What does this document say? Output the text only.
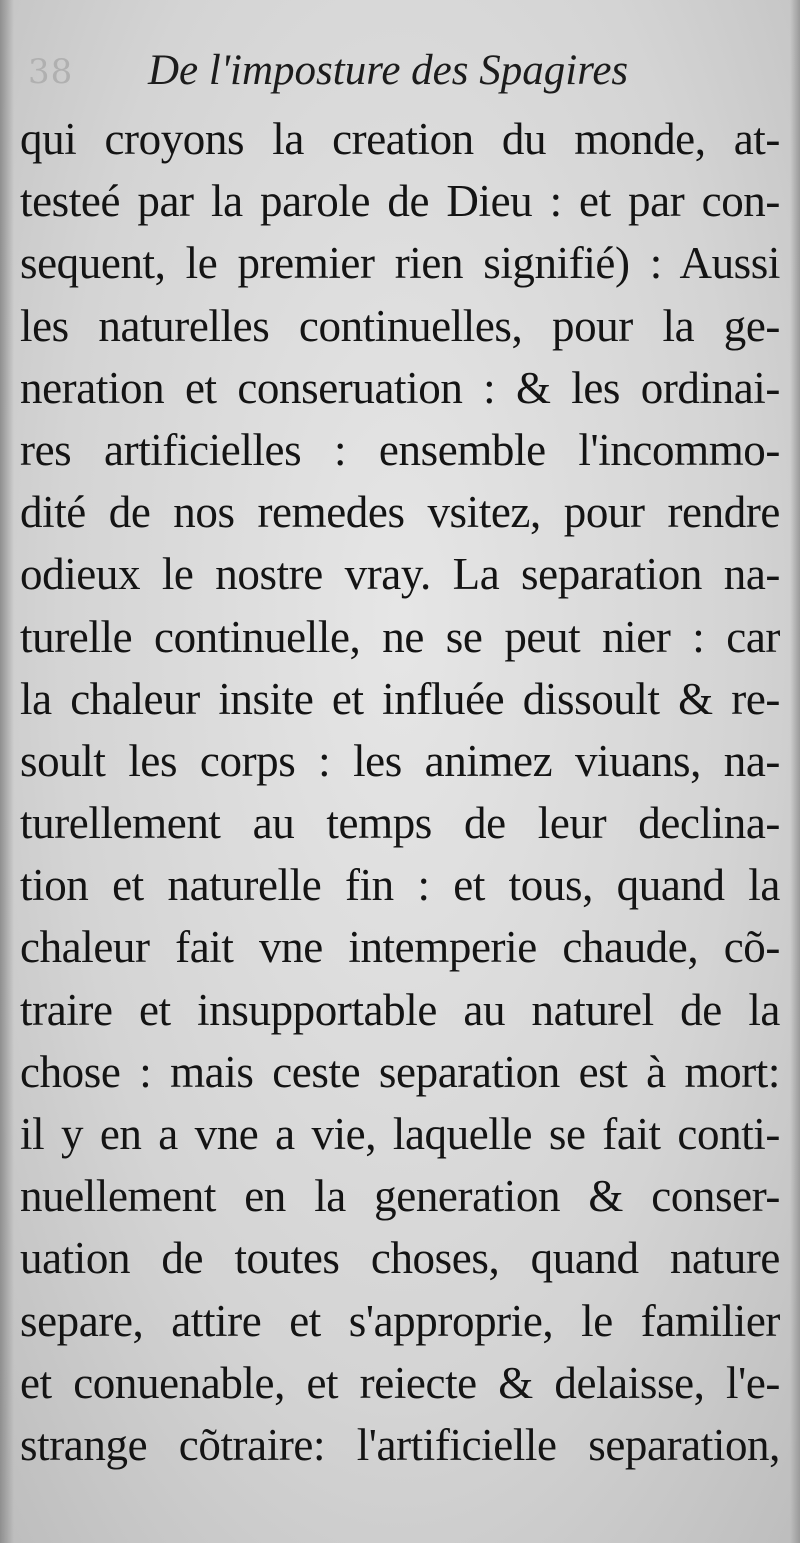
38 De l'imposture des Spagires
qui croyons la creation du monde, at-
testeé par la parole de Dieu : et par con-
sequent, le premier rien signifié) : Aussi
les naturelles continuelles, pour la ge-
neration et conseruation : & les ordinai-
res artificielles : ensemble l'incommo-
dité de nos remedes vsitez, pour rendre
odieux le nostre vray. La separation na-
turelle continuelle, ne se peut nier : car
la chaleur insite et influée dissoult & re-
soult les corps : les animez viuans, na-
turellement au temps de leur declina-
tion et naturelle fin : et tous, quand la
chaleur fait vne intemperie chaude, cõ-
traire et insupportable au naturel de la
chose : mais ceste separation est à mort:
il y en a vne a vie, laquelle se fait conti-
nuellement en la generation & conser-
uation de toutes choses, quand nature
separe, attire et s'approprie, le familier
et conuenable, et reiecte & delaisse, l'e-
strange cõtraire: l'artificielle separation,
